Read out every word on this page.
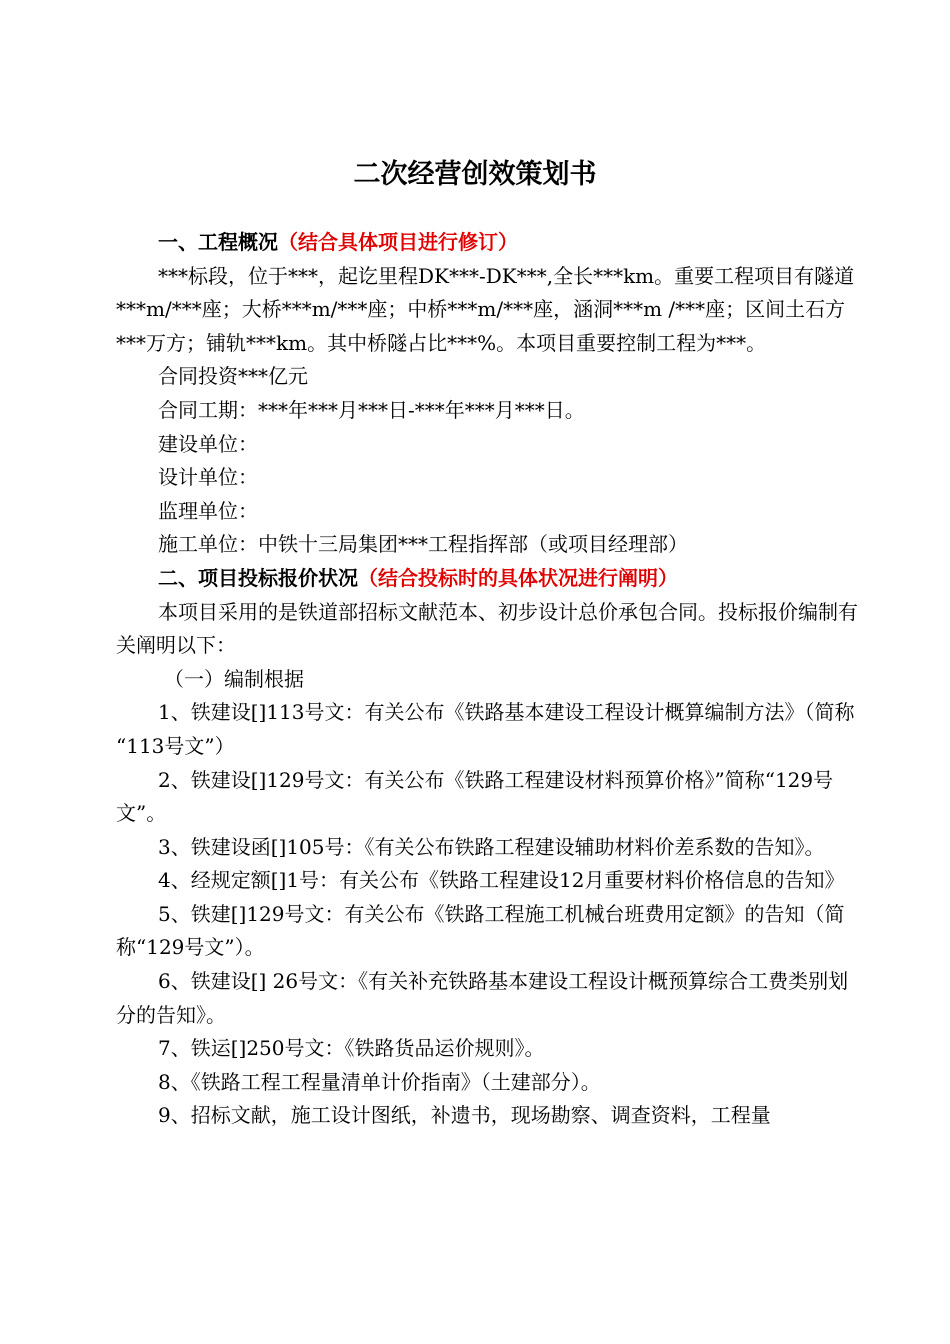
二次经营创效策划书

一、工程概况（结合具体项目进行修订）

***标段，位于***，起讫里程DK***-DK***,全长***km。重要工程项目有隧道***m/***座；大桥***m/***座；中桥***m/***座，涵洞***m /***座；区间土石方***万方；铺轨***km。其中桥隧占比***%。本项目重要控制工程为***。

合同投资***亿元

合同工期：***年***月***日-***年***月***日。

建设单位：

设计单位：

监理单位：

施工单位：中铁十三局集团***工程指挥部（或项目经理部）

二、项目投标报价状况（结合投标时的具体状况进行阐明）

本项目采用的是铁道部招标文献范本、初步设计总价承包合同。投标报价编制有关阐明以下：

（一）编制根据

1、铁建设[]113号文：有关公布《铁路基本建设工程设计概算编制方法》（简称 “113号文”）

2、铁建设[]129号文：有关公布《铁路工程建设材料预算价格》”简称“129号文”。

3、铁建设函[]105号：《有关公布铁路工程建设辅助材料价差系数的告知》。

4、经规定额[]1号：有关公布《铁路工程建设12月重要材料价格信息的告知》

5、铁建[]129号文：有关公布《铁路工程施工机械台班费用定额》的告知（简称“129号文”）。

6、铁建设[] 26号文：《有关补充铁路基本建设工程设计概预算综合工费类别划分的告知》。

7、铁运[]250号文：《铁路货品运价规则》。

8、《铁路工程工程量清单计价指南》（土建部分）。

9、招标文献，施工设计图纸，补遗书，现场勘察、调查资料，工程量
